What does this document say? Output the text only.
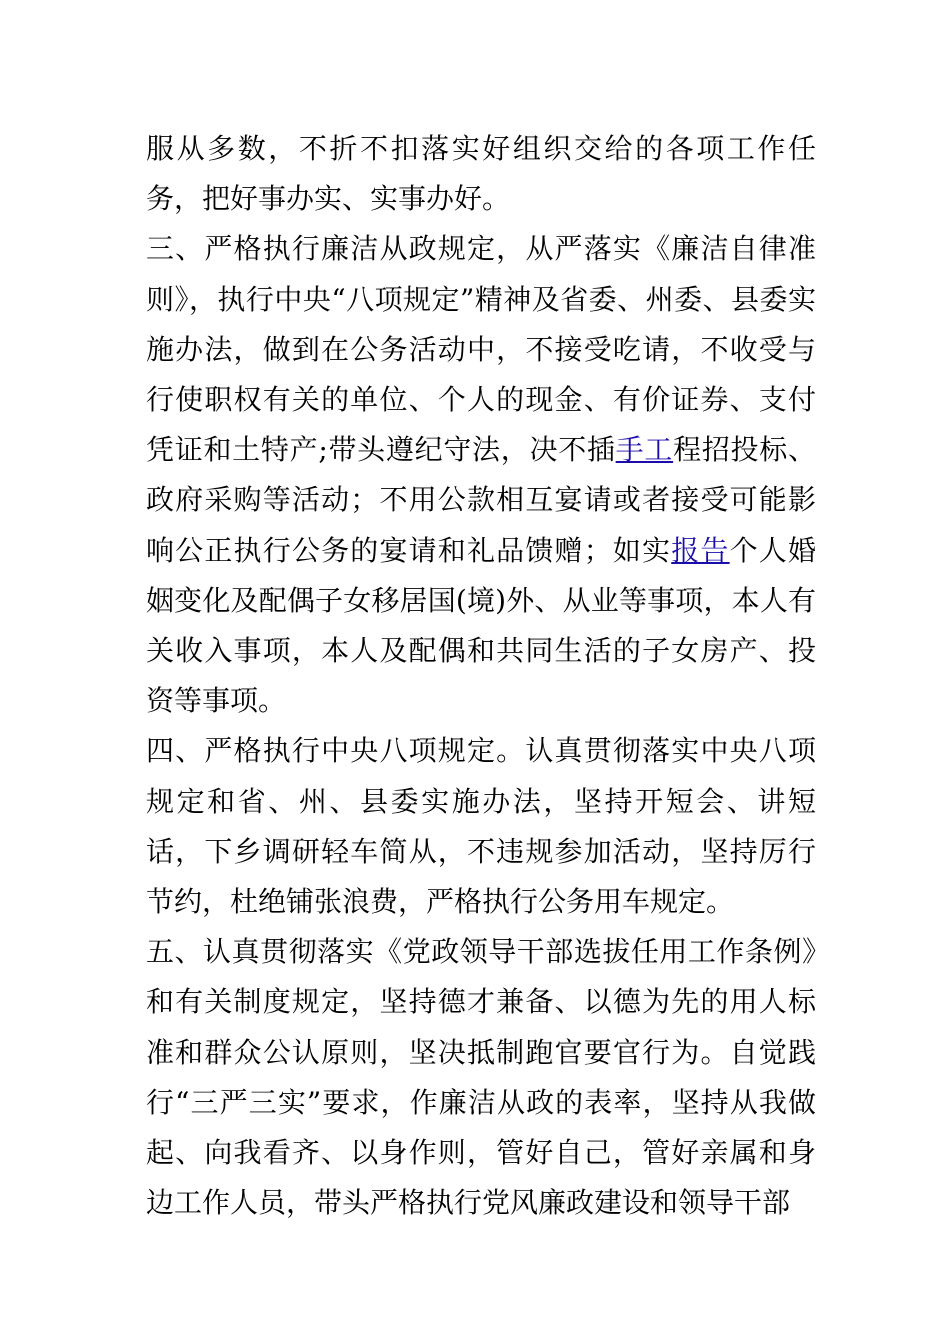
服从多数，不折不扣落实好组织交给的各项工作任务，把好事办实、实事办好。

三、严格执行廉洁从政规定，从严落实《廉洁自律准则》，执行中央“八项规定”精神及省委、州委、县委实施办法，做到在公务活动中，不接受吃请，不收受与行使职权有关的单位、个人的现金、有价证券、支付凭证和土特产;带头遵纪守法，决不插手工程招投标、政府采购等活动；不用公款相互宴请或者接受可能影响公正执行公务的宴请和礼品馈赠；如实报告个人婚姻变化及配偶子女移居国(境)外、从业等事项，本人有关收入事项，本人及配偶和共同生活的子女房产、投资等事项。

四、严格执行中央八项规定。认真贯彻落实中央八项规定和省、州、县委实施办法，坚持开短会、讲短话，下乡调研轻车简从，不违规参加活动，坚持厉行节约，杜绝铺张浪费，严格执行公务用车规定。

五、认真贯彻落实《党政领导干部选拔任用工作条例》和有关制度规定，坚持德才兼备、以德为先的用人标准和群众公认原则，坚决抵制跑官要官行为。自觉践行“三严三实”要求，作廉洁从政的表率，坚持从我做起、向我看齐、以身作则，管好自己，管好亲属和身边工作人员，带头严格执行党风廉政建设和领导干部
